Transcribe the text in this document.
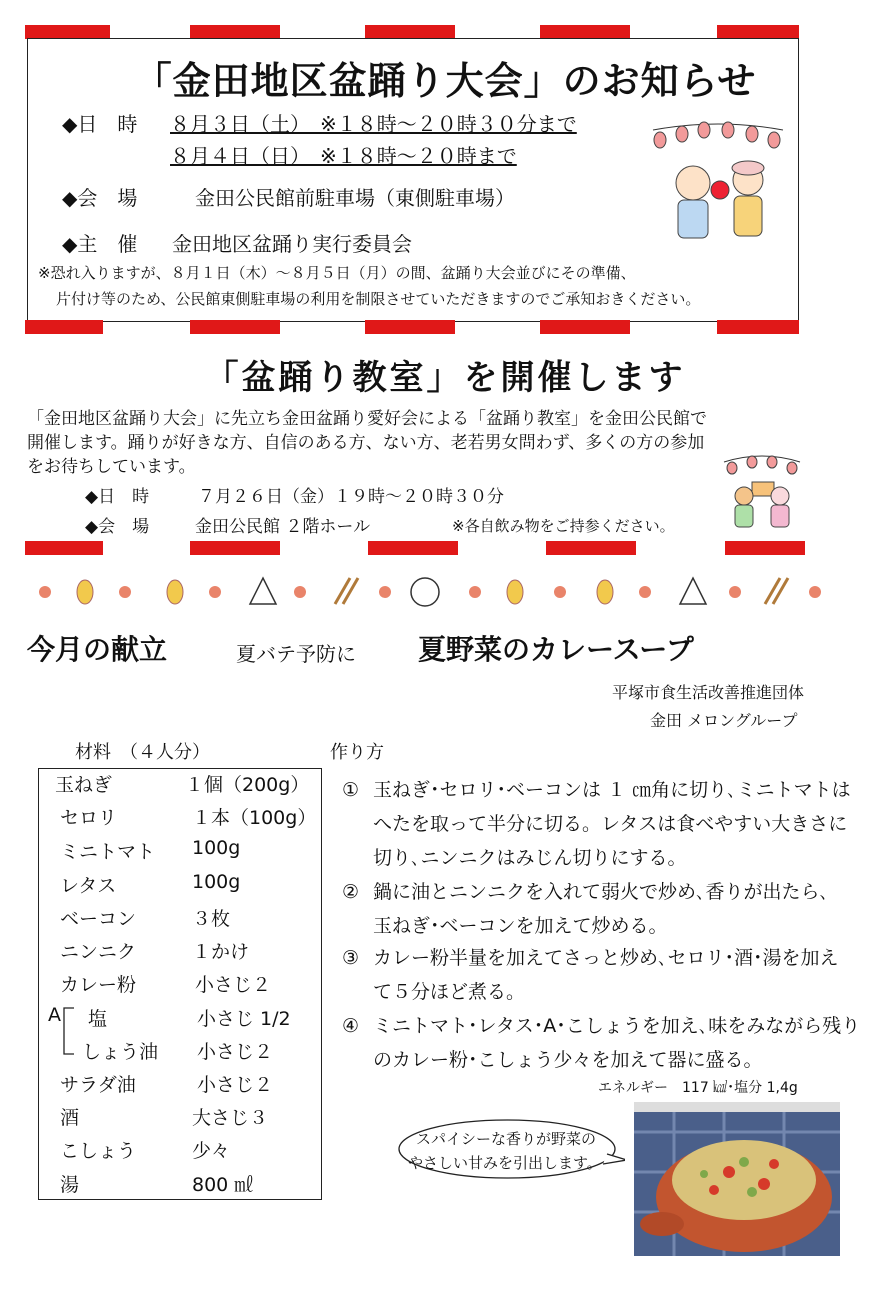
「金田地区盆踊り大会」のお知らせ
◆日　時 ８月３日（土）　※１８時～２０時３０分まで
８月４日（日）　※１８時～２０時まで
◆会　場	金田公民館前駐車場（東側駐車場）
◆主　催 金田地区盆踊り実行委員会
※恐れ入りますが、８月１日（木）～８月５日（月）の間、盆踊り大会並びにその準備、
片付け等のため、公民館東側駐車場の利用を制限させていただきますのでご承知おきください。
「盆踊り教室」を開催します
「金田地区盆踊り大会」に先立ち金田盆踊り愛好会による「盆踊り教室」を金田公民館で
開催します。踊りが好きな方、自信のある方、ない方、老若男女問わず、多くの方の参加
をお待ちしています。
◆日　時	７月２６日（金）１９時～２０時３０分
◆会　場	金田公民館 ２階ホール	※各自飲み物をご持参ください。
今月の献立	夏バテ予防に 夏野菜のカレースープ
平塚市食生活改善推進団体
金田 メロングループ
材料　（４人分）	作り方
玉ねぎ	１個（200g）
セロリ	１本（100g）
ミニトマト 100g
レタス	100g
ベーコン	３枚
ニンニク	１かけ
カレー粉	小さじ２
A 塩	小さじ 1/2
しょう油 小さじ２
サラダ油	小さじ２
酒	大さじ３
こしょう	少々
湯	800 ㎖
① 玉ねぎ･セロリ･ベーコンは １ ㎝角に切り､ミニトマトは
へたを取って半分に切る。レタスは食べやすい大きさに
切り､ニンニクはみじん切りにする。
② 鍋に油とニンニクを入れて弱火で炒め､香りが出たら､
玉ねぎ･ベーコンを加えて炒める。
③ カレー粉半量を加えてさっと炒め､セロリ･酒･湯を加え
て５分ほど煮る。
④ ミニトマト･レタス･A･こしょうを加え､味をみながら残り
のカレー粉･こしょう少々を加えて器に盛る。
エネルギー　117 ㎉･塩分 1,4g
スパイシーな香りが野菜の
やさしい甘みを引出します。
